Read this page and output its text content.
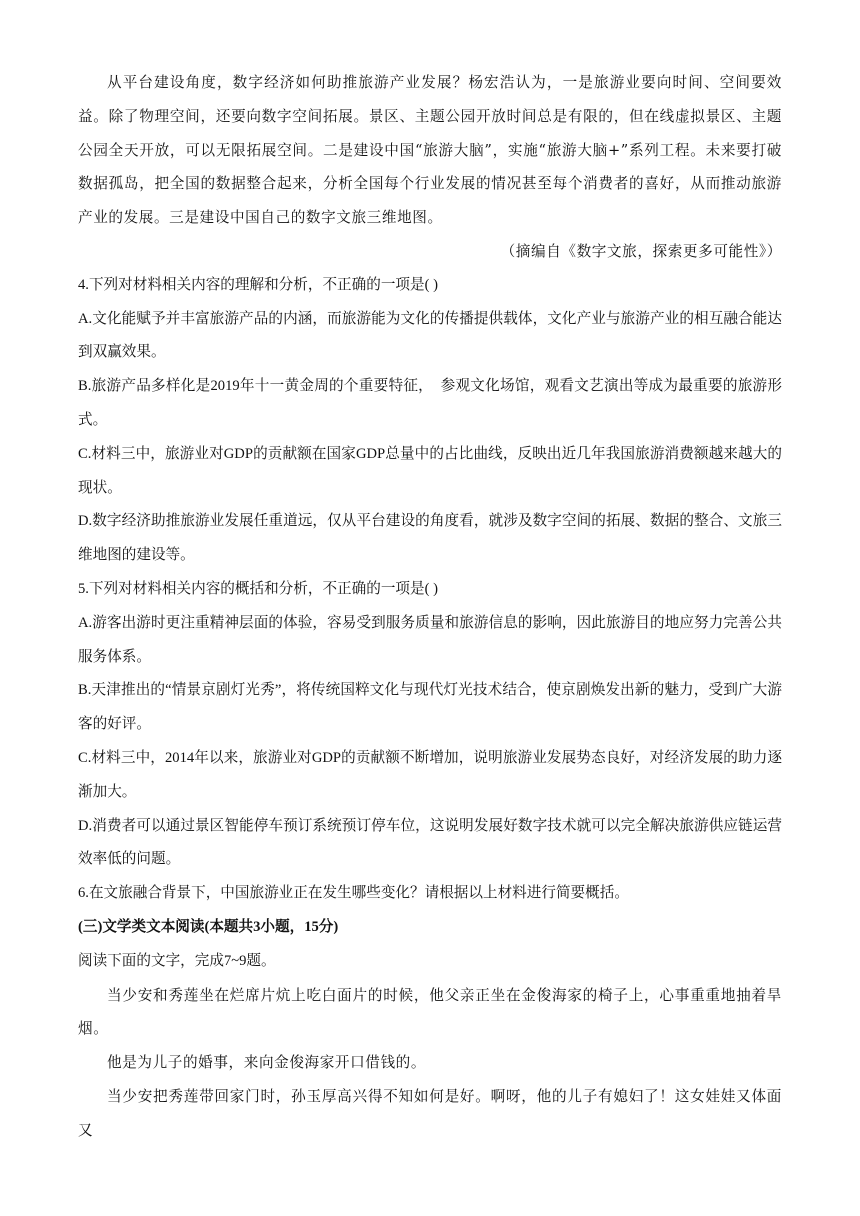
从平台建设角度，数字经济如何助推旅游产业发展？杨宏浩认为，一是旅游业要向时间、空间要效益。除了物理空间，还要向数字空间拓展。景区、主题公园开放时间总是有限的，但在线虚拟景区、主题公园全天开放，可以无限拓展空间。二是建设中国“旅游大脑”，实施“旅游大脑+”系列工程。未来要打破数据孤岛，把全国的数据整合起来，分析全国每个行业发展的情况甚至每个消费者的喜好，从而推动旅游产业的发展。三是建设中国自己的数字文旅三维地图。

（摘编自《数字文旅，探索更多可能性》）

4.下列对材料相关内容的理解和分析，不正确的一项是( )

A.文化能赋予并丰富旅游产品的内涵，而旅游能为文化的传播提供载体，文化产业与旅游产业的相互融合能达到双赢效果。

B.旅游产品多样化是2019年十一黄金周的个重要特征，　参观文化场馆，观看文艺演出等成为最重要的旅游形式。

C.材料三中，旅游业对GDP的贡献额在国家GDP总量中的占比曲线，反映出近几年我国旅游消费额越来越大的现状。

D.数字经济助推旅游业发展任重道远，仅从平台建设的角度看，就涉及数字空间的拓展、数据的整合、文旅三维地图的建设等。

5.下列对材料相关内容的概括和分析，不正确的一项是( )

A.游客出游时更注重精神层面的体验，容易受到服务质量和旅游信息的影响，因此旅游目的地应努力完善公共服务体系。

B.天津推出的“情景京剧灯光秀”，将传统国粹文化与现代灯光技术结合，使京剧焕发出新的魅力，受到广大游客的好评。

C.材料三中，2014年以来，旅游业对GDP的贡献额不断增加，说明旅游业发展势态良好，对经济发展的助力逐渐加大。

D.消费者可以通过景区智能停车预订系统预订停车位，这说明发展好数字技术就可以完全解决旅游供应链运营效率低的问题。

6.在文旅融合背景下，中国旅游业正在发生哪些变化？请根据以上材料进行简要概括。

(三)文学类文本阅读(本题共3小题，15分)

阅读下面的文字，完成7~9题。

当少安和秀莲坐在烂席片炕上吃白面片的时候，他父亲正坐在金俊海家的椅子上，心事重重地抽着旱烟。

他是为儿子的婚事，来向金俊海家开口借钱的。

当少安把秀莲带回家门时，孙玉厚高兴得不知如何是好。啊呀，他的儿子有媳妇了！这女娃娃又体面又
